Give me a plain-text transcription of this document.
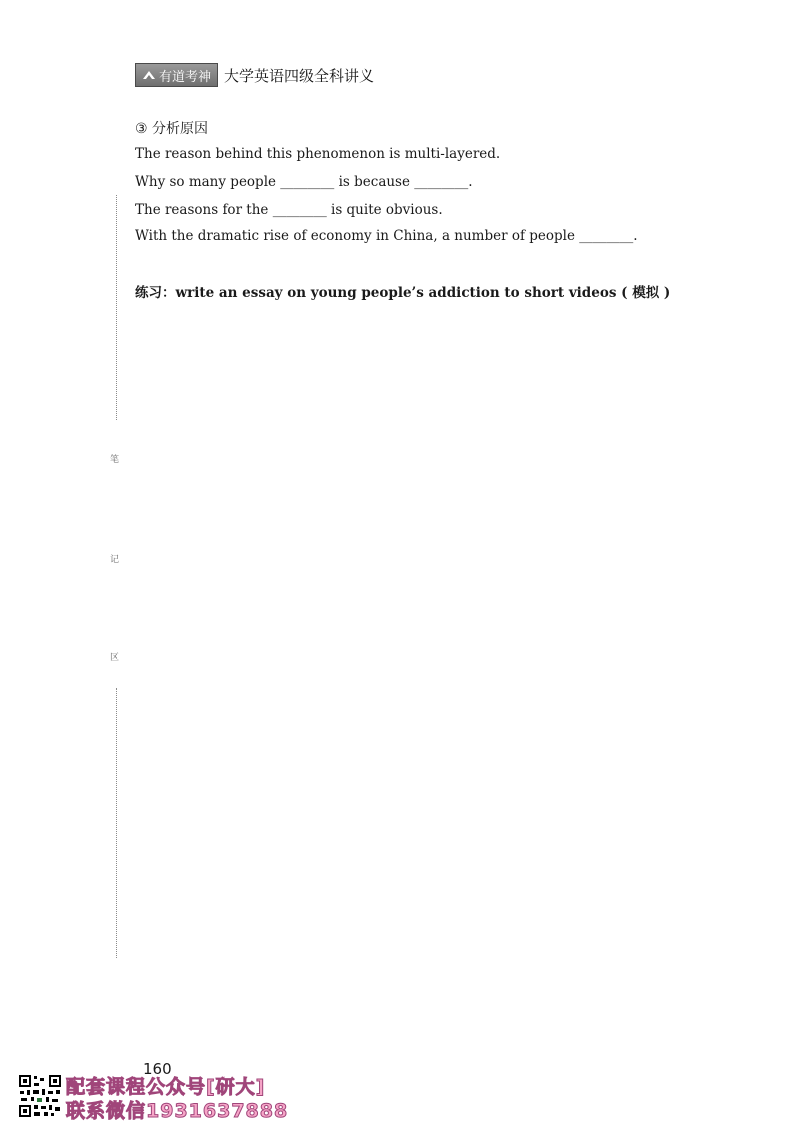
有道考神 大学英语四级全科讲义
③ 分析原因
The reason behind this phenomenon is multi-layered.
Why so many people ________ is because ________.
The reasons for the ________ is quite obvious.
With the dramatic rise of economy in China, a number of people ________.
练习：write an essay on young people’s addiction to short videos ( 模拟 )
笔
记
区
160
配套课程公众号[研大]
联系微信1931637888
